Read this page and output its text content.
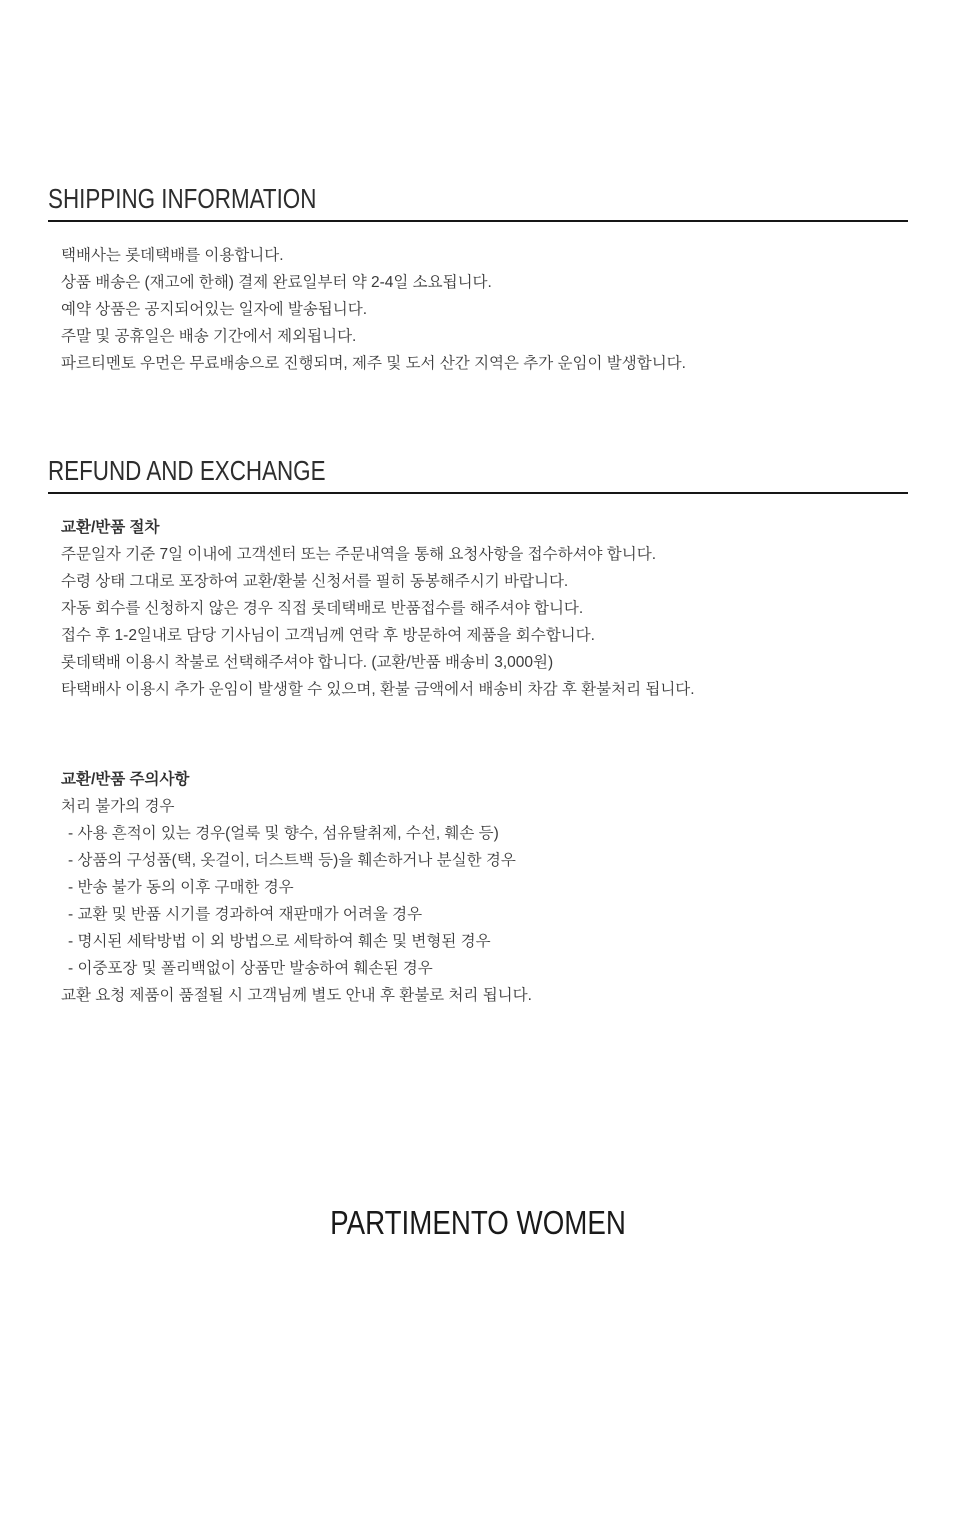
SHIPPING INFORMATION
택배사는 롯데택배를 이용합니다.
상품 배송은 (재고에 한해) 결제 완료일부터 약 2-4일 소요됩니다.
예약 상품은 공지되어있는 일자에 발송됩니다.
주말 및 공휴일은 배송 기간에서 제외됩니다.
파르티멘토 우먼은 무료배송으로 진행되며, 제주 및 도서 산간 지역은 추가 운임이 발생합니다.
REFUND AND EXCHANGE
교환/반품 절차
주문일자 기준 7일 이내에 고객센터 또는 주문내역을 통해 요청사항을 접수하셔야 합니다.
수령 상태 그대로 포장하여 교환/환불 신청서를 필히 동봉해주시기 바랍니다.
자동 회수를 신청하지 않은 경우 직접 롯데택배로 반품접수를 해주셔야 합니다.
접수 후 1-2일내로 담당 기사님이 고객님께 연락 후 방문하여 제품을 회수합니다.
롯데택배 이용시 착불로 선택해주셔야 합니다. (교환/반품 배송비 3,000원)
타택배사 이용시 추가 운임이 발생할 수 있으며, 환불 금액에서 배송비 차감 후 환불처리 됩니다.
교환/반품 주의사항
처리 불가의 경우
- 사용 흔적이 있는 경우(얼룩 및 향수, 섬유탈취제, 수선, 훼손 등)
- 상품의 구성품(택, 옷걸이, 더스트백 등)을 훼손하거나 분실한 경우
- 반송 불가 동의 이후 구매한 경우
- 교환 및 반품 시기를 경과하여 재판매가 어려울 경우
- 명시된 세탁방법 이 외 방법으로 세탁하여 훼손 및 변형된 경우
- 이중포장 및 폴리백없이 상품만 발송하여 훼손된 경우
교환 요청 제품이 품절될 시 고객님께 별도 안내 후 환불로 처리 됩니다.
PARTIMENTO WOMEN
